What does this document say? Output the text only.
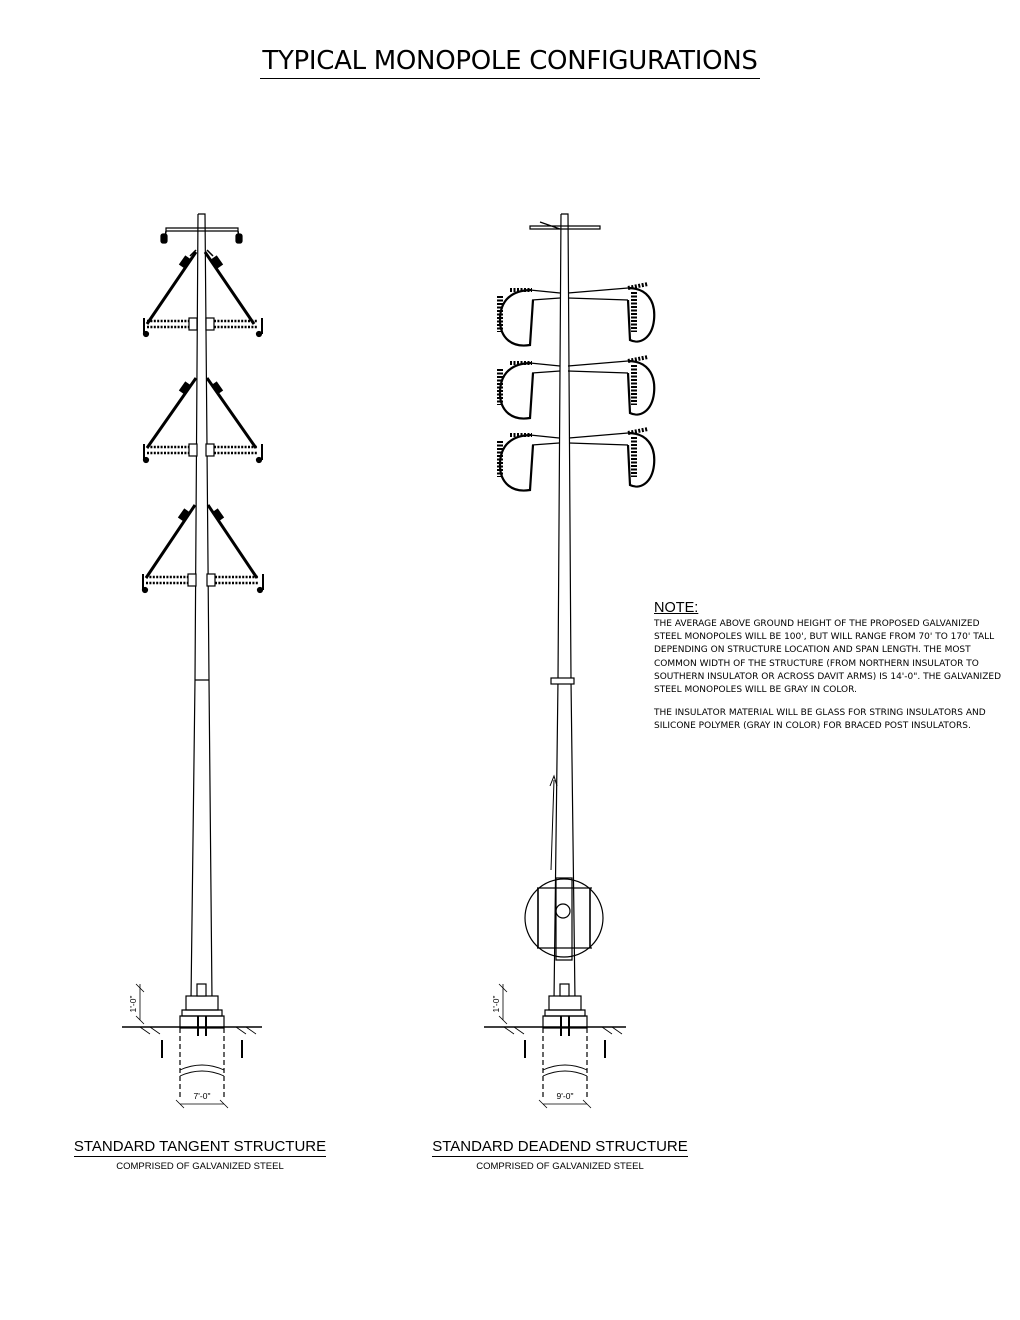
TYPICAL MONOPOLE CONFIGURATIONS
1'-0"
7'-0"
1'-0"
9'-0"
NOTE:

THE AVERAGE ABOVE GROUND HEIGHT OF THE PROPOSED GALVANIZED STEEL MONOPOLES WILL BE 100', BUT WILL RANGE FROM 70' TO 170' TALL DEPENDING ON STRUCTURE LOCATION AND SPAN LENGTH. THE MOST COMMON WIDTH OF THE STRUCTURE (FROM NORTHERN INSULATOR TO SOUTHERN INSULATOR OR ACROSS DAVIT ARMS) IS 14'-0". THE GALVANIZED STEEL MONOPOLES WILL BE GRAY IN COLOR.

THE INSULATOR MATERIAL WILL BE GLASS FOR STRING INSULATORS AND SILICONE POLYMER (GRAY IN COLOR) FOR BRACED POST INSULATORS.

STANDARD TANGENT STRUCTURE
COMPRISED OF GALVANIZED STEEL
STANDARD DEADEND STRUCTURE
COMPRISED OF GALVANIZED STEEL
